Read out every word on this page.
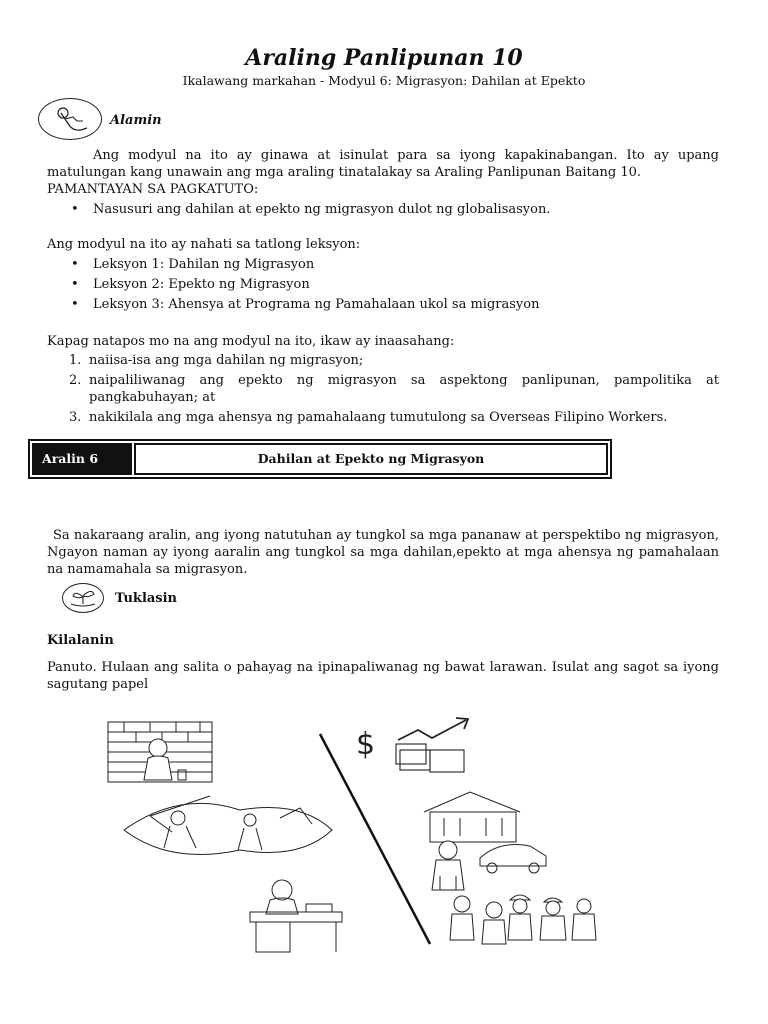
Araling Panlipunan 10
Ikalawang markahan - Modyul 6: Migrasyon: Dahilan at Epekto
Alamin
Ang modyul na ito ay ginawa at isinulat para sa iyong kapakinabangan. Ito ay upang matulungan kang unawain ang mga araling tinatalakay sa Araling Panlipunan Baitang 10.
PAMANTAYAN SA PAGKATUTO:
• Nasusuri ang dahilan at epekto ng migrasyon dulot ng globalisasyon.
Ang modyul na ito ay nahati sa tatlong leksyon:
• Leksyon 1: Dahilan ng Migrasyon
• Leksyon 2: Epekto ng Migrasyon
• Leksyon 3: Ahensya at Programa ng Pamahalaan ukol sa migrasyon
Kapag natapos mo na ang modyul na ito, ikaw ay inaasahang:
1. naiisa-isa ang mga dahilan ng migrasyon;
2. naipaliliwanag ang epekto ng migrasyon sa aspektong panlipunan, pampolitika at pangkabuhayan; at
3. nakikilala ang mga ahensya ng pamahalaang tumutulong sa Overseas Filipino Workers.
Aralin 6	Dahilan at Epekto ng Migrasyon
Sa nakaraang aralin, ang iyong natutuhan ay tungkol sa mga pananaw at perspektibo ng migrasyon, Ngayon naman ay iyong aaralin ang tungkol sa mga dahilan,epekto at mga ahensya ng pamahalaan na namamahala sa migrasyon.
Tuklasin
Kilalanin
Panuto. Hulaan ang salita o pahayag na ipinapaliwanag ng bawat larawan. Isulat ang sagot sa iyong sagutang papel
$
